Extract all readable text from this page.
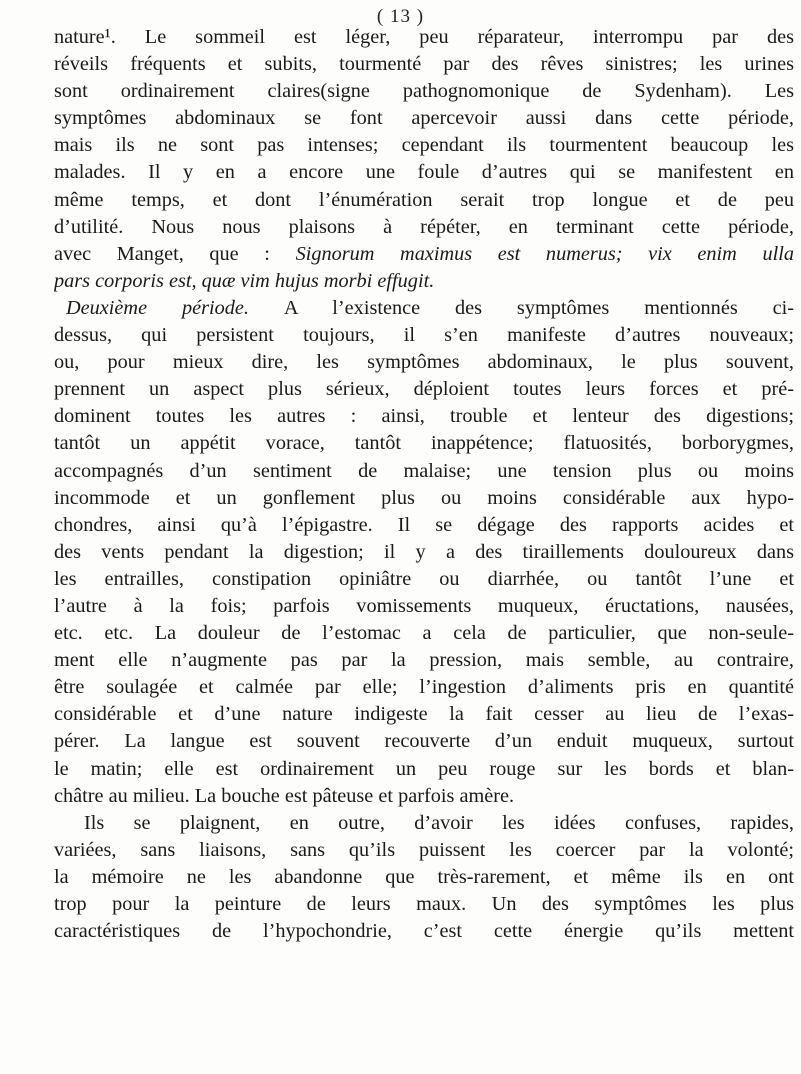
( 13 )
nature¹. Le sommeil est léger, peu réparateur, interrompu par des
réveils fréquents et subits, tourmenté par des rêves sinistres; les urines
sont ordinairement claires(signe pathognomonique de Sydenham). Les
symptômes abdominaux se font apercevoir aussi dans cette période,
mais ils ne sont pas intenses; cependant ils tourmentent beaucoup les
malades. Il y en a encore une foule d’autres qui se manifestent en
même temps, et dont l’énumération serait trop longue et de peu
d’utilité. Nous nous plaisons à répéter, en terminant cette période,
avec Manget, que : Signorum maximus est numerus; vix enim ulla
pars corporis est, quæ vim hujus morbi effugit.
Deuxième période. A l’existence des symptômes mentionnés ci-
dessus, qui persistent toujours, il s’en manifeste d’autres nouveaux;
ou, pour mieux dire, les symptômes abdominaux, le plus souvent,
prennent un aspect plus sérieux, déploient toutes leurs forces et pré-
dominent toutes les autres : ainsi, trouble et lenteur des digestions;
tantôt un appétit vorace, tantôt inappétence; flatuosités, borborygmes,
accompagnés d’un sentiment de malaise; une tension plus ou moins
incommode et un gonflement plus ou moins considérable aux hypo-
chondres, ainsi qu’à l’épigastre. Il se dégage des rapports acides et
des vents pendant la digestion; il y a des tiraillements douloureux dans
les entrailles, constipation opiniâtre ou diarrhée, ou tantôt l’une et
l’autre à la fois; parfois vomissements muqueux, éructations, nausées,
etc. etc. La douleur de l’estomac a cela de particulier, que non-seule-
ment elle n’augmente pas par la pression, mais semble, au contraire,
être soulagée et calmée par elle; l’ingestion d’aliments pris en quantité
considérable et d’une nature indigeste la fait cesser au lieu de l’exas-
pérer. La langue est souvent recouverte d’un enduit muqueux, surtout
le matin; elle est ordinairement un peu rouge sur les bords et blan-
châtre au milieu. La bouche est pâteuse et parfois amère.
Ils se plaignent, en outre, d’avoir les idées confuses, rapides,
variées, sans liaisons, sans qu’ils puissent les coercer par la volonté;
la mémoire ne les abandonne que très-rarement, et même ils en ont
trop pour la peinture de leurs maux. Un des symptômes les plus
caractéristiques de l’hypochondrie, c’est cette énergie qu’ils mettent
